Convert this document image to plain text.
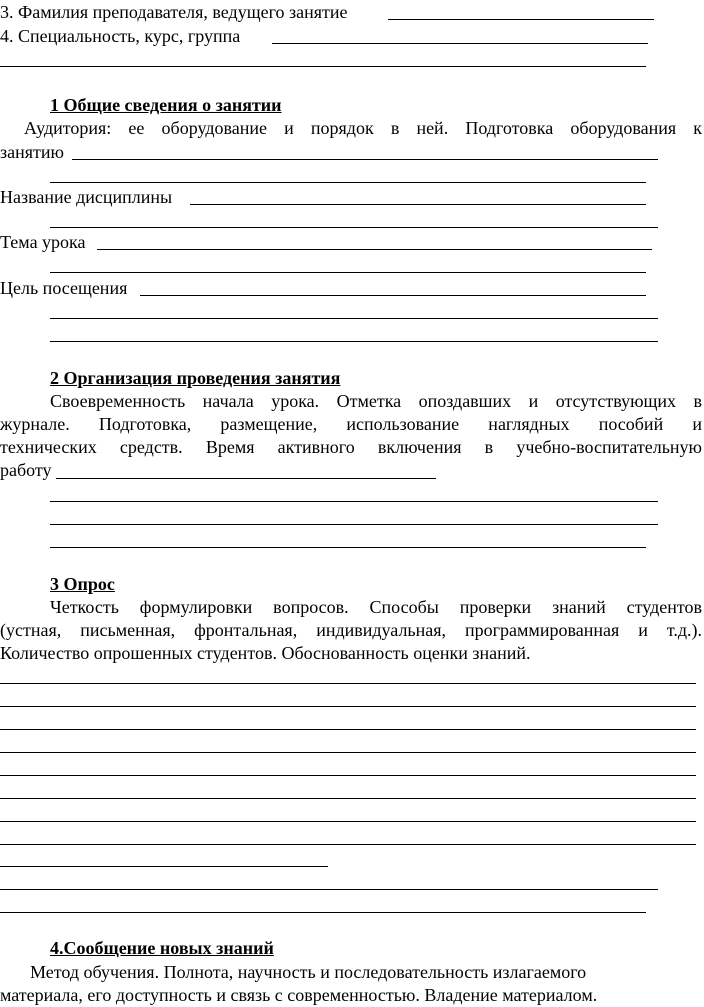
3. Фамилия преподавателя, ведущего занятие
4. Специальность, курс, группа
1 Общие сведения о занятии
Аудитория: ее оборудование и порядок в ней. Подготовка оборудования к
занятию
Название дисциплины
Тема урока
Цель посещения
2 Организация проведения занятия
Своевременность начала урока. Отметка опоздавших и отсутствующих в
журнале. Подготовка, размещение, использование наглядных пособий и
технических средств. Время активного включения в учебно-воспитательную
работу
3 Опрос
Четкость формулировки вопросов. Способы проверки знаний студентов
(устная, письменная, фронтальная, индивидуальная, программированная и т.д.).
Количество опрошенных студентов. Обоснованность оценки знаний.
4.Сообщение новых знаний
Метод обучения. Полнота, научность и последовательность излагаемого
материала, его доступность и связь с современностью. Владение материалом.
